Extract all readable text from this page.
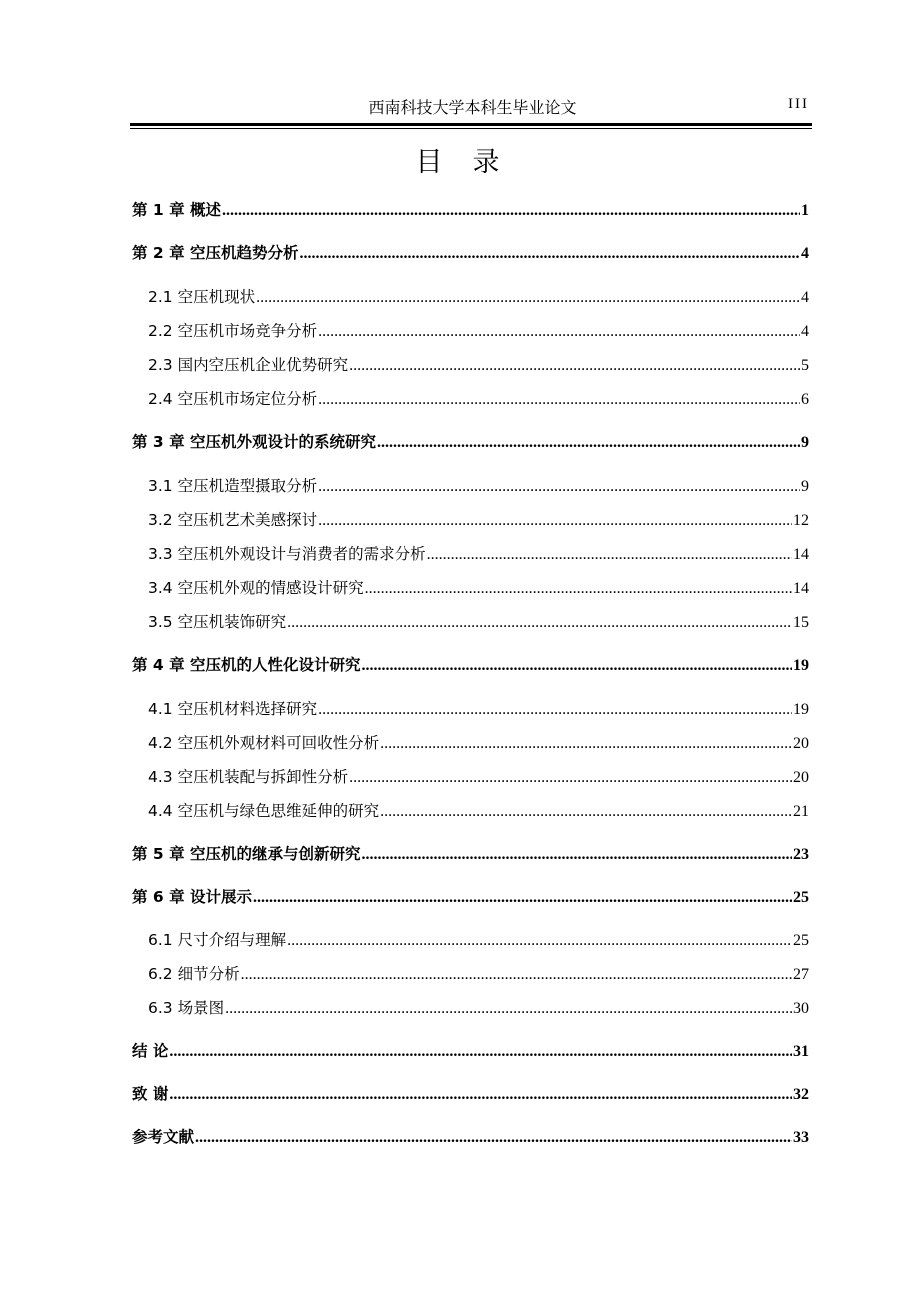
西南科技大学本科生毕业论文	III
目录
第 1 章 概述 .....	1
第 2 章 空压机趋势分析 .....	4
2.1 空压机现状 .....	4
2.2 空压机市场竞争分析 .....	4
2.3 国内空压机企业优势研究 .....	5
2.4 空压机市场定位分析 .....	6
第 3 章 空压机外观设计的系统研究 .....	9
3.1 空压机造型摄取分析 .....	9
3.2 空压机艺术美感探讨 .....	12
3.3 空压机外观设计与消费者的需求分析 .....	14
3.4 空压机外观的情感设计研究 .....	14
3.5 空压机装饰研究 .....	15
第 4 章 空压机的人性化设计研究 .....	19
4.1 空压机材料选择研究 .....	19
4.2 空压机外观材料可回收性分析 .....	20
4.3 空压机装配与拆卸性分析 .....	20
4.4 空压机与绿色思维延伸的研究 .....	21
第 5 章 空压机的继承与创新研究 .....	23
第 6 章 设计展示 .....	25
6.1 尺寸介绍与理解 .....	25
6.2 细节分析 .....	27
6.3 场景图 .....	30
结 论 .....	31
致 谢 .....	32
参考文献 .....	33
